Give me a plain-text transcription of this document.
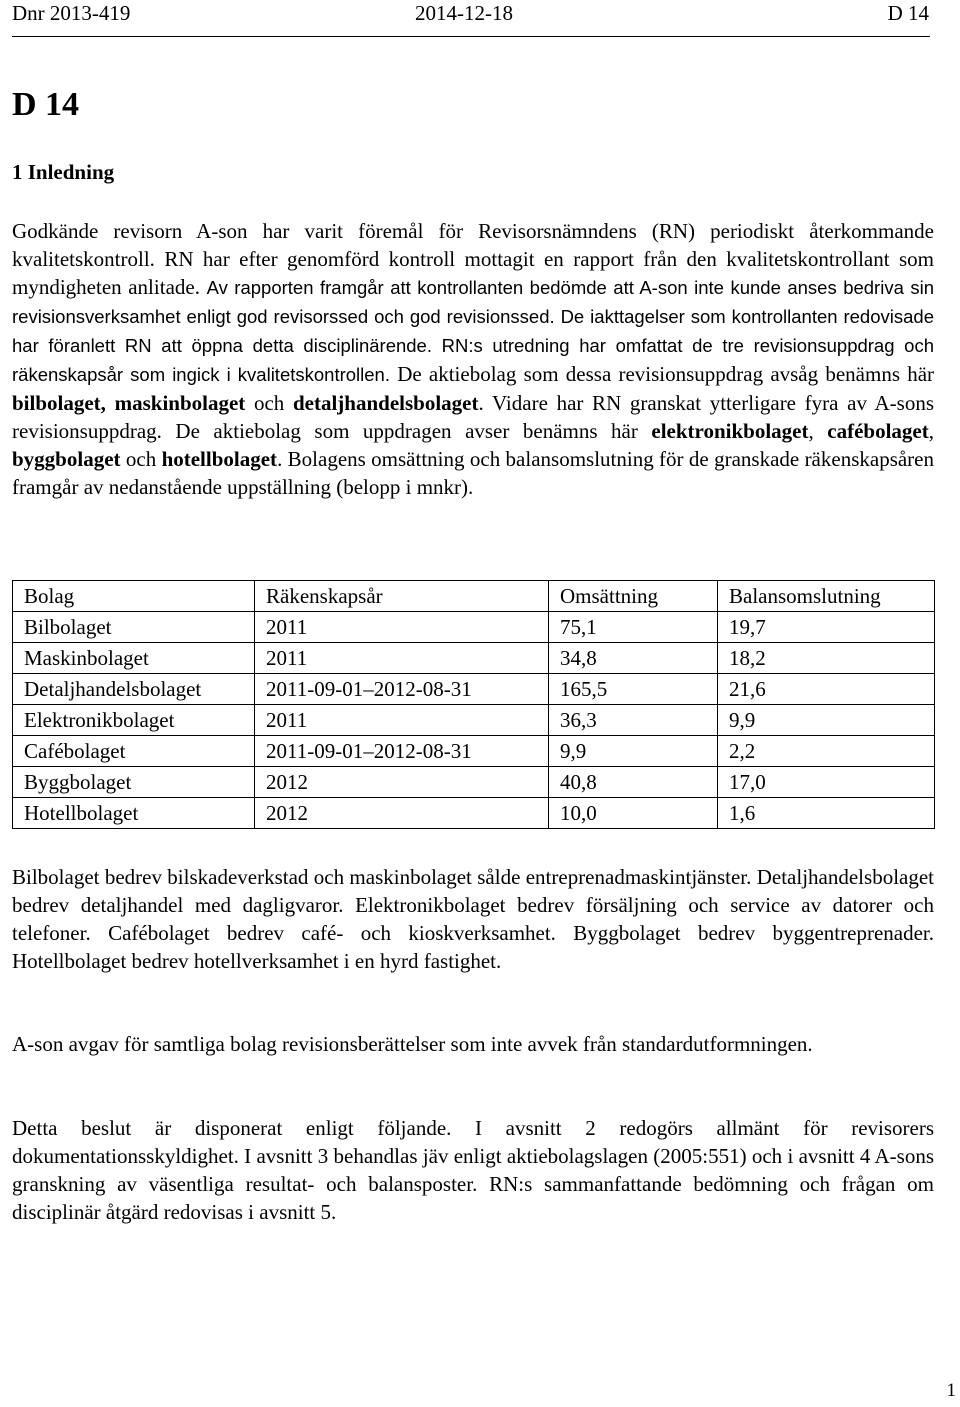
Dnr 2013-419	2014-12-18	D 14
D 14
1 Inledning

Godkände revisorn A-son har varit föremål för Revisorsnämndens (RN) periodiskt återkommande kvalitetskontroll. RN har efter genomförd kontroll mottagit en rapport från den kvalitetskontrollant som myndigheten anlitade. Av rapporten framgår att kontrollanten bedömde att A-son inte kunde anses bedriva sin revisionsverksamhet enligt god revisorssed och god revisionssed. De iakttagelser som kontrollanten redovisade har föranlett RN att öppna detta disciplinärende. RN:s utredning har omfattat de tre revisionsuppdrag och räkenskapsår som ingick i kvalitetskontrollen. De aktiebolag som dessa revisionsuppdrag avsåg benämns här bilbolaget, maskinbolaget och detaljhandelsbolaget. Vidare har RN granskat ytterligare fyra av A-sons revisionsuppdrag. De aktiebolag som uppdragen avser benämns här elektronikbolaget, cafébolaget, byggbolaget och hotellbolaget. Bolagens omsättning och balansomslutning för de granskade räkenskapsåren framgår av nedanstående uppställning (belopp i mnkr).

Bolag	Räkenskapsår	Omsättning	Balansomslutning
Bilbolaget	2011	75,1	19,7
Maskinbolaget	2011	34,8	18,2
Detaljhandelsbolaget	2011-09-01–2012-08-31	165,5	21,6
Elektronikbolaget	2011	36,3	9,9
Cafébolaget	2011-09-01–2012-08-31	9,9	2,2
Byggbolaget	2012	40,8	17,0
Hotellbolaget	2012	10,0	1,6

Bilbolaget bedrev bilskadeverkstad och maskinbolaget sålde entreprenadmaskintjänster. Detaljhandelsbolaget bedrev detaljhandel med dagligvaror. Elektronikbolaget bedrev försäljning och service av datorer och telefoner. Cafébolaget bedrev café- och kioskverksamhet. Byggbolaget bedrev byggentreprenader. Hotellbolaget bedrev hotellverksamhet i en hyrd fastighet.

A-son avgav för samtliga bolag revisionsberättelser som inte avvek från standardutformningen.

Detta beslut är disponerat enligt följande. I avsnitt 2 redogörs allmänt för revisorers dokumentationsskyldighet. I avsnitt 3 behandlas jäv enligt aktiebolagslagen (2005:551) och i avsnitt 4 A-sons granskning av väsentliga resultat- och balansposter. RN:s sammanfattande bedömning och frågan om disciplinär åtgärd redovisas i avsnitt 5.

1
